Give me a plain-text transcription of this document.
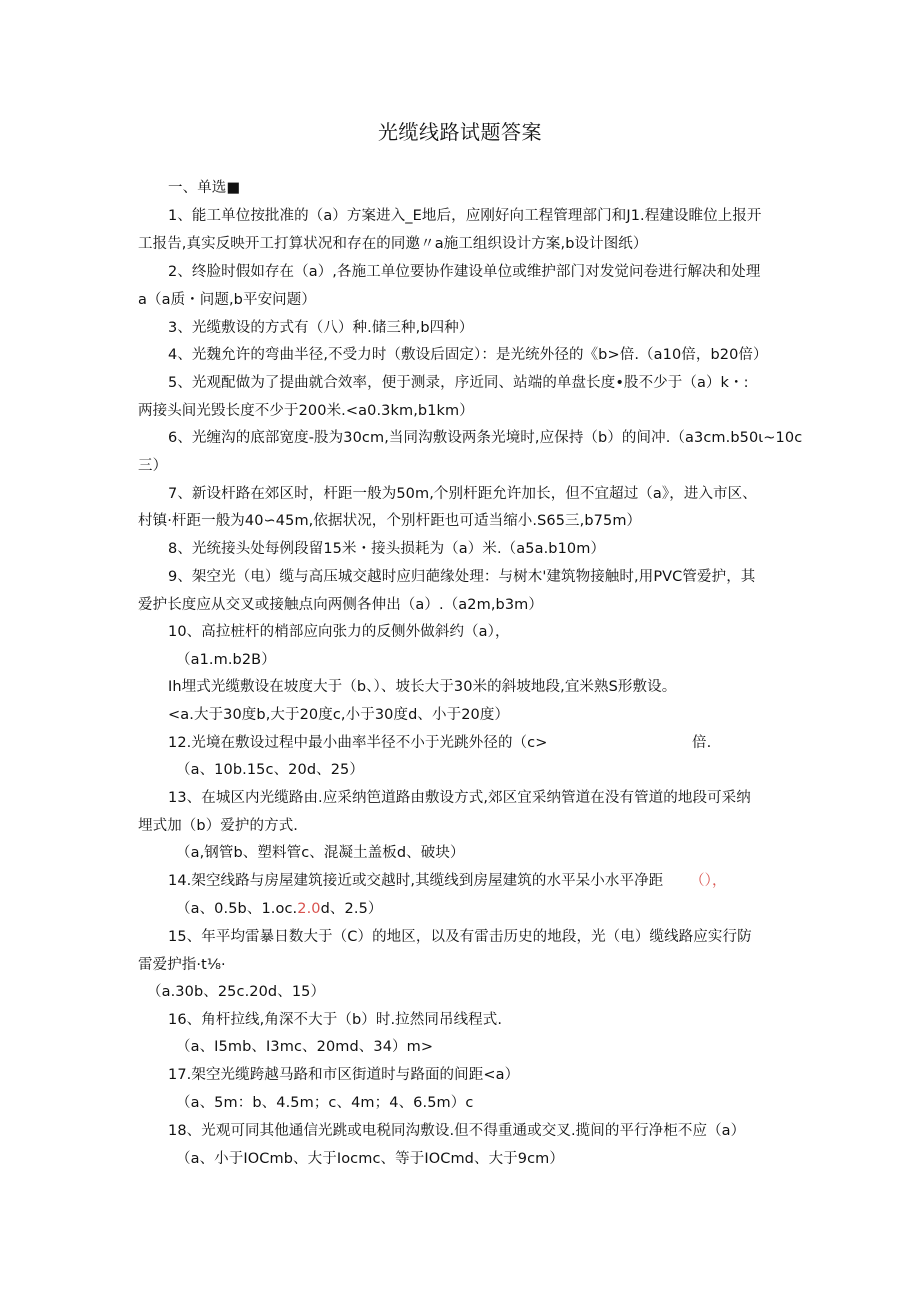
光缆线路试题答案
一、单选■
1、能工单位按批准的（a）方案进入_E地后，应刚好向工程管理部门和J1.程建设睢位上报开
工报告,真实反映开工打算状况和存在的同邀〃a施工组织设计方案,b设计图纸）
2、终脸时假如存在（a）,各施工单位要协作建设单位或维护部门对发觉问卷进行解决和处理
a（a质・问题,b平安问题）
3、光缆敷设的方式有（八）种.储三种,b四种）
4、光魏允许的弯曲半径,不受力时（敷设后固定）：是光统外径的《b>倍.（a10倍，b20倍）
5、光观配做为了提曲就合效率，便于测录，序近同、站端的单盘长度•股不少于（a）k・:
两接头间光毁长度不少于200米.<a0.3km,b1km）
6、光缠沟的底部宽度-股为30cm,当同沟敷设两条光境时,应保持（b）的间冲.（a3cm.b50ι~10c
三）
7、新设杆路在郊区时，杆距一般为50m,个别杆距允许加长，但不宜超过（a》，进入市区、
村镇·杆距一般为40∽45m,依据状况，个别杆距也可适当缩小.S65三,b75m）
8、光统接头处每例段留15米・接头损耗为（a）米.（a5a.b10m）
9、架空光（电）缆与高压城交越时应归葩缘处理：与树木'建筑物接触时,用PVC管爱护，其
爱护长度应从交叉或接触点向两侧各伸出（a）.（a2m,b3m）
10、高拉桩杆的梢部应向张力的反侧外做斜约（a），
（a1.m.b2B）
Ih埋式光缆敷设在坡度大于（b、）、坡长大于30米的斜坡地段,宜米熟S形敷设。
<a.大于30度b,大于20度c,小于30度d、小于20度）
12.光境在敷设过程中最小曲率半径不小于光跳外径的（c>	倍.
（a、10b.15c、20d、25）
13、在城区内光缆路由.应采纳笆道路由敷设方式,郊区宜采纳管道在没有管道的地段可采纳
埋式加（b）爱护的方式.
（a,钢管b、塑料管c、混凝土盖板d、破块）
14.架空线路与房屋建筑接近或交越时,其缆线到房屋建筑的水平呆小水平净距 （），
（a、0.5b、1.oc.2.0d、2.5）
15、年平均雷暴日数大于（C）的地区，以及有雷击历史的地段，光（电）缆线路应实行防
雷爱护指·t⅛·
（a.30b、25c.20d、15）
16、角杆拉线,角深不大于（b）时.拉然同吊线程式.
（a、I5mb、I3mc、20md、34）m>
17.架空光缆跨越马路和市区街道时与路面的间距<a）
（a、5m：b、4.5m；c、4m；4、6.5m）c
18、光观可同其他通信光跳或电税同沟敷设.但不得重通或交叉.揽间的平行净柜不应（a）
（a、小于IOCmb、大于Iocmc、等于IOCmd、大于9cm）
